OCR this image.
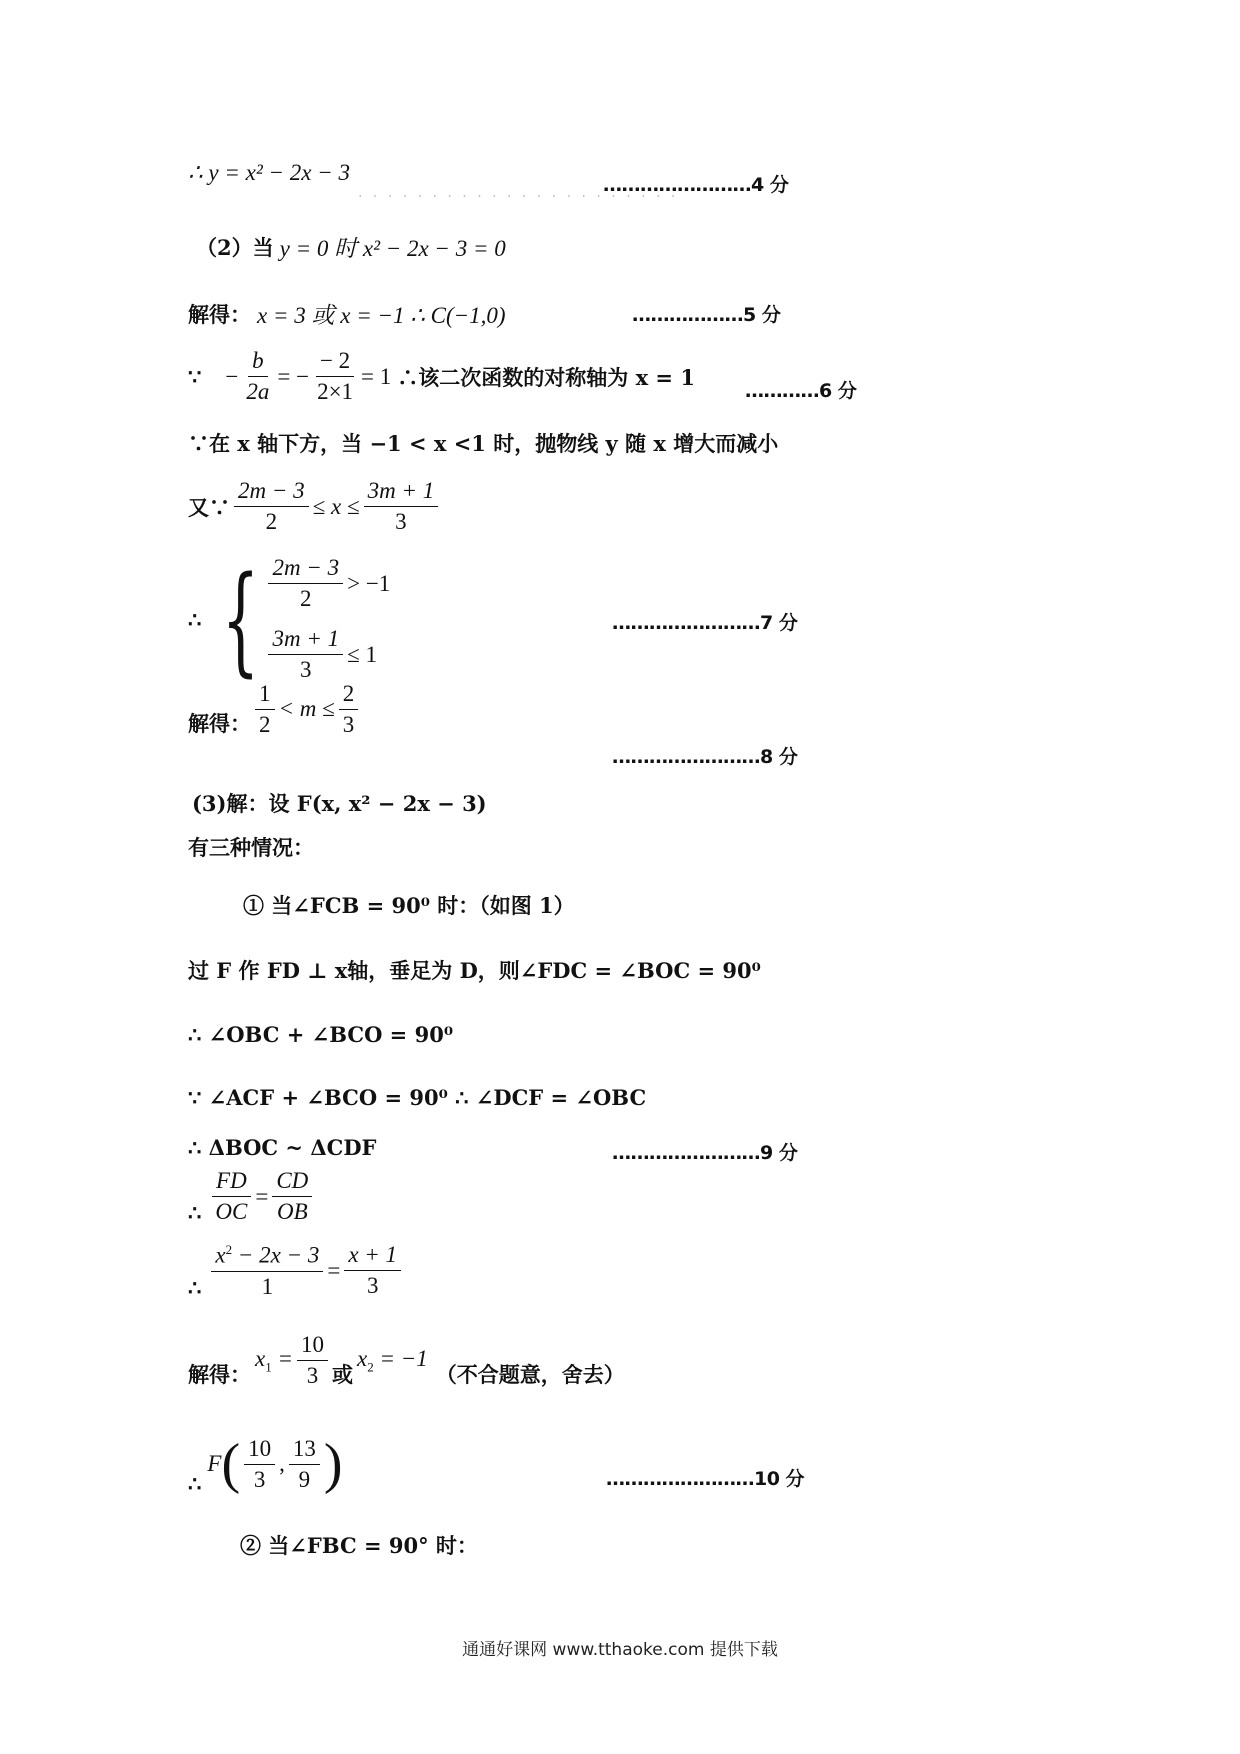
∴ y = x² − 2x − 3
. . . . . . . . . . . . . . . . . . . . . .
……………………4 分
（2）当 y = 0 时 x² − 2x − 3 = 0
解得： x = 3 或 x = −1 ∴ C(−1,0)	………………5 分
∵ − $\frac{b}{2a}$ = − $\frac{- 2}{2\times 1} = 1$ ∴该二次函数的对称轴为 x = 1
…………6 分
∵在 x 轴下方，当 −1 < x <1 时，抛物线 y 随 x 增大而减小
又∵ $\frac{2m - 3}{2} \le x \le \frac{3m + 1}{3}$
∴ { $\frac{2m - 3}{2} > -1$
$\frac{3m + 1}{3} \le 1$
……………………7 分
解得： $\frac{1}{2} < m \le \frac{2}{3}$
……………………8 分
(3)解：设 F(x, x² − 2x − 3)
有三种情况：
① 当∠FCB = 90⁰ 时：（如图 1）
过 F 作 FD ⊥ x轴，垂足为 D，则∠FDC = ∠BOC = 90⁰
∴ ∠OBC + ∠BCO = 90⁰
∵ ∠ACF + ∠BCO = 90⁰ ∴ ∠DCF = ∠OBC
∴ ΔBOC ~ ΔCDF	……………………9 分
∴ $\frac{FD}{OC} = \frac{CD}{OB}$
∴ $\frac{x^2 - 2x - 3}{1} = \frac{x + 1}{3}$
解得：
$x_1 = \frac{10}{3}$ 或
$x_2 = -1$
（不合题意，舍去）
∴
F ( $\frac{10}{3}$ , $\frac{13}{9}$ )	……………………10 分
② 当∠FBC = 90° 时：
通通好课网 www.tthaoke.com 提供下载
